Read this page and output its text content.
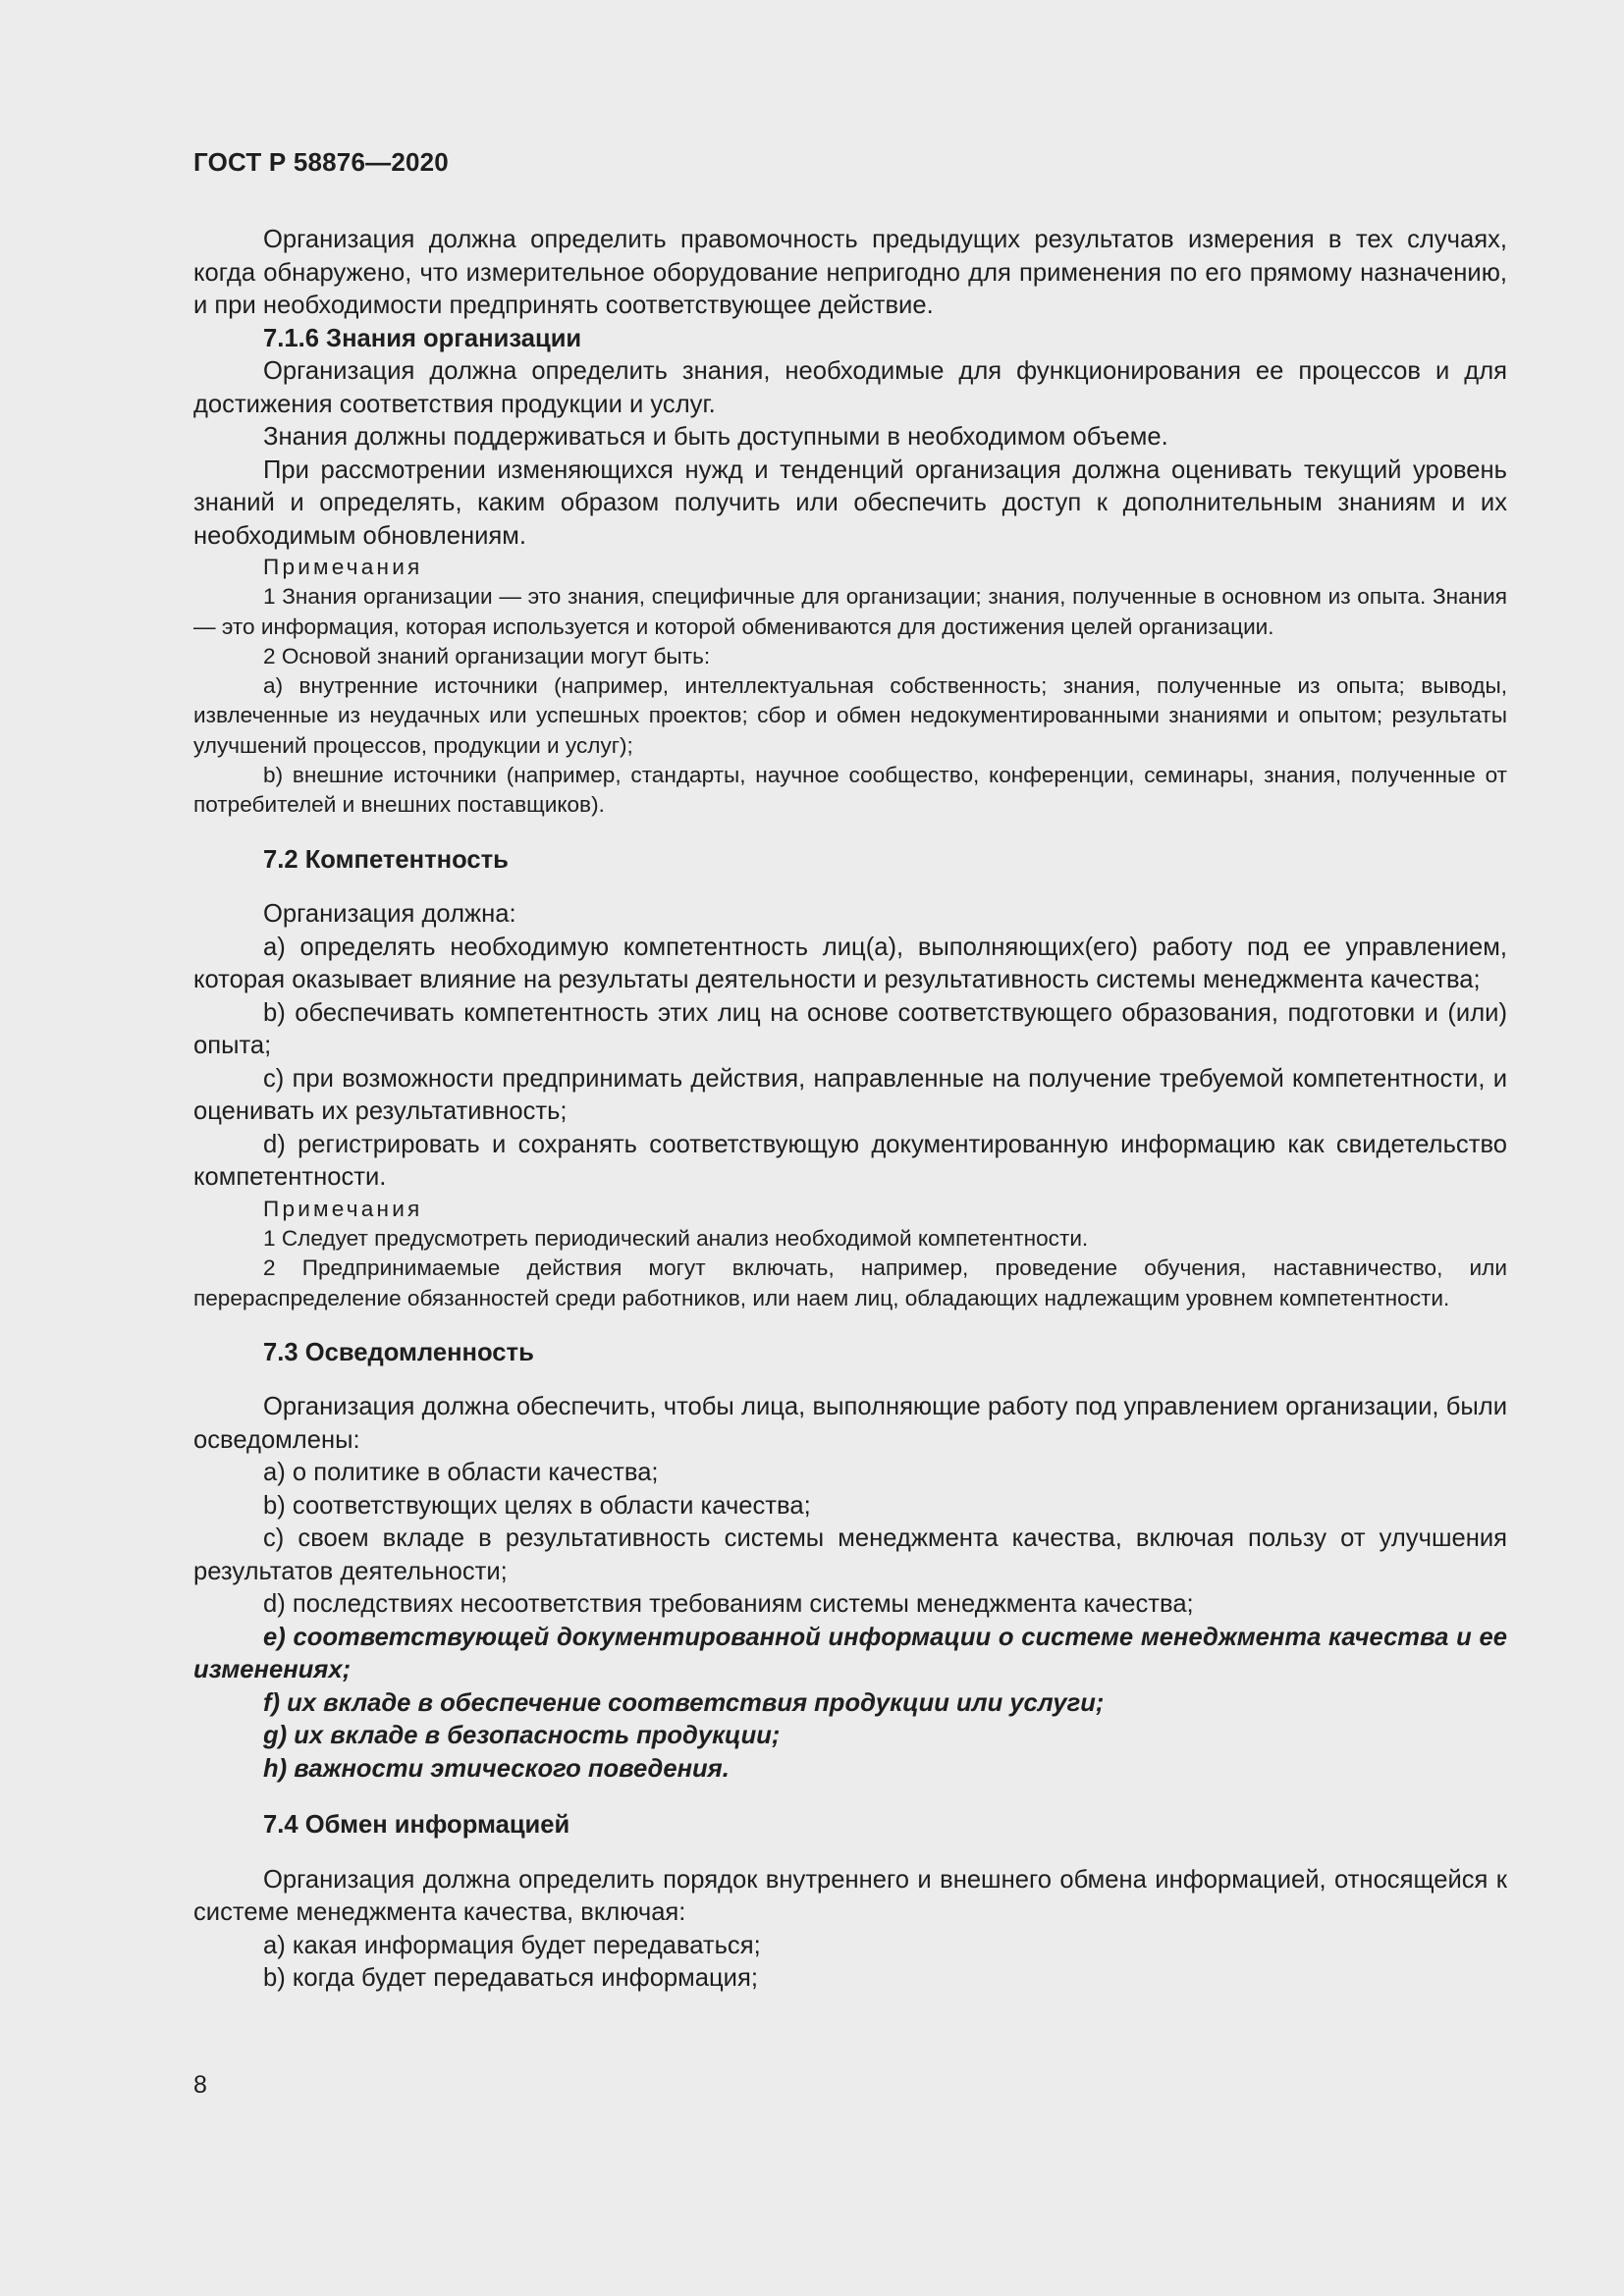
ГОСТ Р 58876—2020

Организация должна определить правомочность предыдущих результатов измерения в тех случаях, когда обнаружено, что измерительное оборудование непригодно для применения по его прямому назначению, и при необходимости предпринять соответствующее действие.

7.1.6 Знания организации

Организация должна определить знания, необходимые для функционирования ее процессов и для достижения соответствия продукции и услуг.

Знания должны поддерживаться и быть доступными в необходимом объеме.

При рассмотрении изменяющихся нужд и тенденций организация должна оценивать текущий уровень знаний и определять, каким образом получить или обеспечить доступ к дополнительным знаниям и их необходимым обновлениям.

Примечания

1 Знания организации — это знания, специфичные для организации; знания, полученные в основном из опыта. Знания — это информация, которая используется и которой обмениваются для достижения целей организации.

2 Основой знаний организации могут быть:

a) внутренние источники (например, интеллектуальная собственность; знания, полученные из опыта; выводы, извлеченные из неудачных или успешных проектов; сбор и обмен недокументированными знаниями и опытом; результаты улучшений процессов, продукции и услуг);

b) внешние источники (например, стандарты, научное сообщество, конференции, семинары, знания, полученные от потребителей и внешних поставщиков).

7.2 Компетентность

Организация должна:

a) определять необходимую компетентность лиц(а), выполняющих(его) работу под ее управлением, которая оказывает влияние на результаты деятельности и результативность системы менеджмента качества;

b) обеспечивать компетентность этих лиц на основе соответствующего образования, подготовки и (или) опыта;

c) при возможности предпринимать действия, направленные на получение требуемой компетентности, и оценивать их результативность;

d) регистрировать и сохранять соответствующую документированную информацию как свидетельство компетентности.

Примечания

1 Следует предусмотреть периодический анализ необходимой компетентности.

2 Предпринимаемые действия могут включать, например, проведение обучения, наставничество, или перераспределение обязанностей среди работников, или наем лиц, обладающих надлежащим уровнем компетентности.

7.3 Осведомленность

Организация должна обеспечить, чтобы лица, выполняющие работу под управлением организации, были осведомлены:

a) о политике в области качества;

b) соответствующих целях в области качества;

c) своем вкладе в результативность системы менеджмента качества, включая пользу от улучшения результатов деятельности;

d) последствиях несоответствия требованиям системы менеджмента качества;

e) соответствующей документированной информации о системе менеджмента качества и ее изменениях;

f) их вкладе в обеспечение соответствия продукции или услуги;

g) их вкладе в безопасность продукции;

h) важности этического поведения.

7.4 Обмен информацией

Организация должна определить порядок внутреннего и внешнего обмена информацией, относящейся к системе менеджмента качества, включая:

a) какая информация будет передаваться;

b) когда будет передаваться информация;

8
